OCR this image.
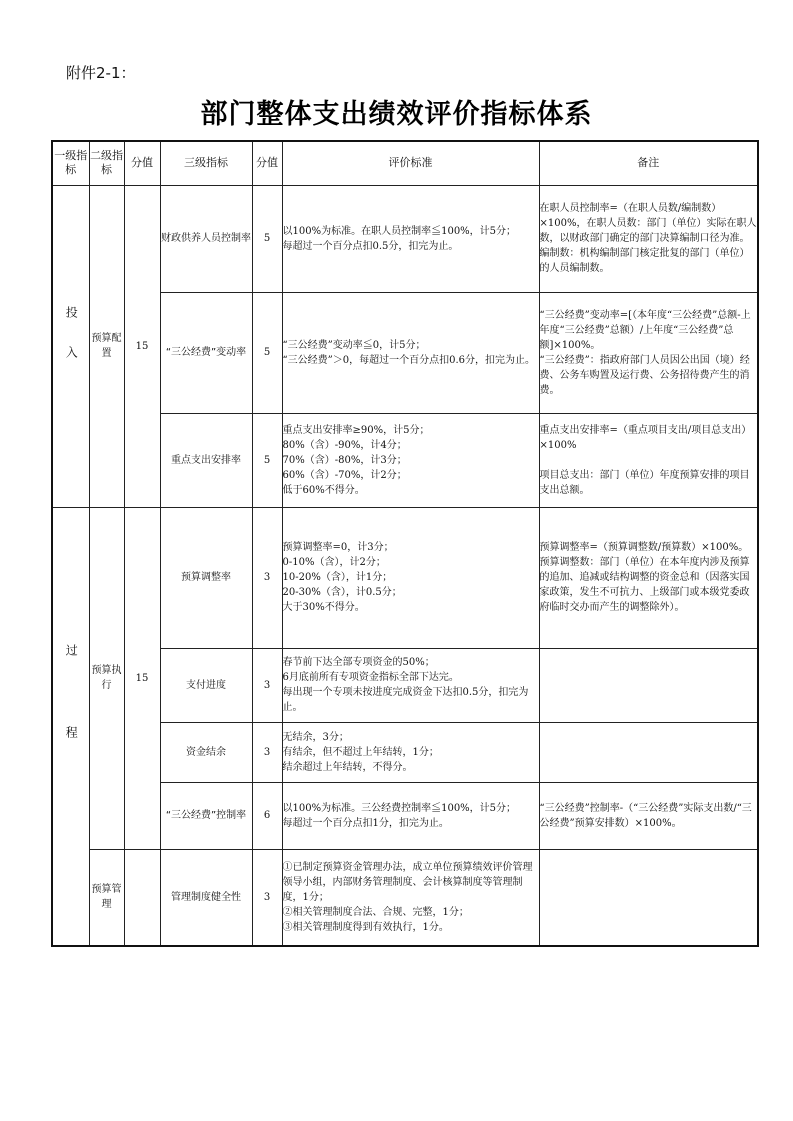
附件2-1：
部门整体支出绩效评价指标体系
一级指标	二级指标	分值	三级指标	分值	评价标准	备注

投入	预算配置	15	财政供养人员控制率	5	以100%为标准。在职人员控制率≦100%，计5分；
每超过一个百分点扣0.5分，扣完为止。	在职人员控制率=（在职人员数/编制数）×100%，在职人员数：部门（单位）实际在职人数，以财政部门确定的部门决算编制口径为准。
编制数：机构编制部门核定批复的部门（单位）的人员编制数。

			“三公经费”变动率	5	“三公经费”变动率≦0，计5分；
“三公经费”＞0，每超过一个百分点扣0.6分，扣完为止。	“三公经费”变动率=[（本年度“三公经费”总额-上年度“三公经费”总额）/上年度“三公经费”总额]×100%。
“三公经费”：指政府部门人员因公出国（境）经费、公务车购置及运行费、公务招待费产生的消费。

			重点支出安排率	5	重点支出安排率≥90%，计5分；
80%（含）-90%，计4分；
70%（含）-80%，计3分；
60%（含）-70%，计2分；
低于60%不得分。	重点支出安排率=（重点项目支出/项目总支出）×100%

项目总支出：部门（单位）年度预算安排的项目支出总额。

过程	预算执行	15	预算调整率	3	预算调整率=0，计3分；
0-10%（含），计2分；
10-20%（含），计1分；
20-30%（含），计0.5分；
大于30%不得分。	预算调整率=（预算调整数/预算数）×100%。
预算调整数：部门（单位）在本年度内涉及预算的追加、追减或结构调整的资金总和（因落实国家政策，发生不可抗力、上级部门或本级党委政府临时交办而产生的调整除外）。

			支付进度	3	春节前下达全部专项资金的50%；
6月底前所有专项资金指标全部下达完。
每出现一个专项未按进度完成资金下达扣0.5分，扣完为止。	

			资金结余	3	无结余，3分；
有结余，但不超过上年结转，1分；
结余超过上年结转，不得分。	

			“三公经费”控制率	6	以100%为标准。三公经费控制率≦100%，计5分；
每超过一个百分点扣1分，扣完为止。	“三公经费”控制率-（“三公经费”实际支出数/“三公经费”预算安排数）×100%。

	预算管理		管理制度健全性	3	①已制定预算资金管理办法，成立单位预算绩效评价管理领导小组，内部财务管理制度、会计核算制度等管理制度，1分；
②相关管理制度合法、合规、完整，1分；
③相关管理制度得到有效执行，1分。	
